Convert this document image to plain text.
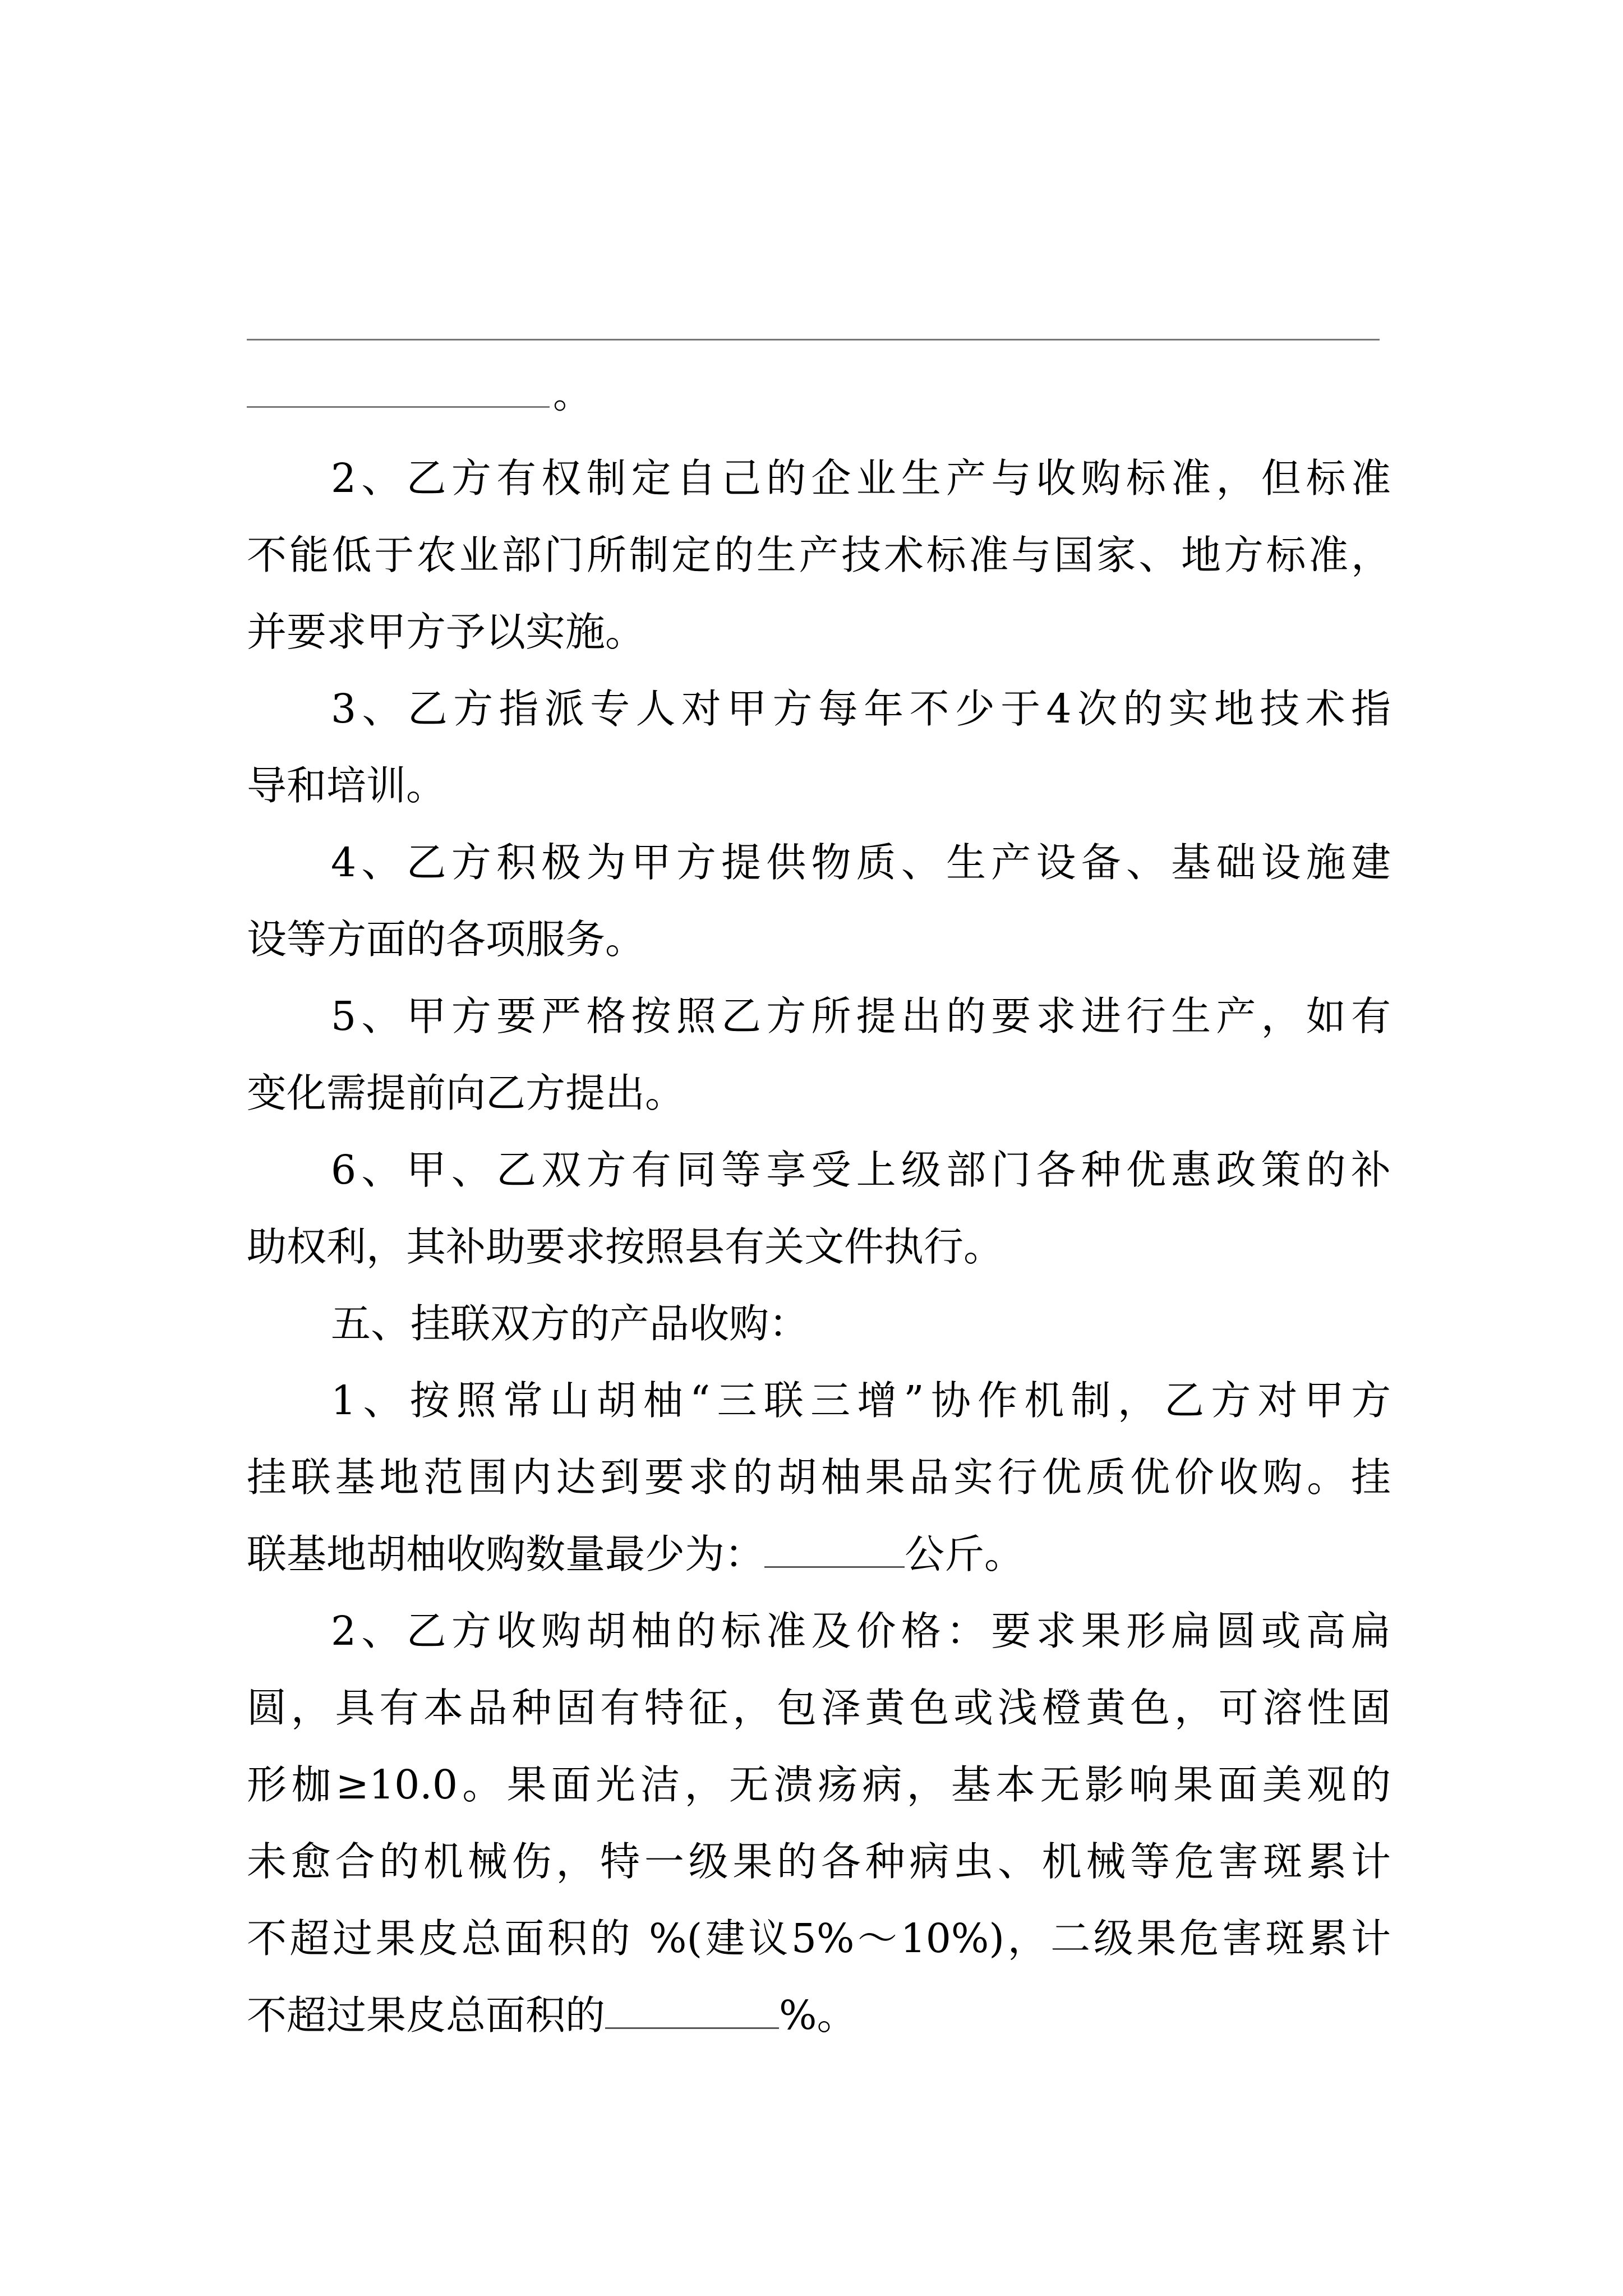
。
2、乙方有权制定自己的企业生产与收购标准，但标准
不能低于农业部门所制定的生产技术标准与国家、地方标准，
并要求甲方予以实施。
3、乙方指派专人对甲方每年不少于4次的实地技术指
导和培训。
4、乙方积极为甲方提供物质、生产设备、基础设施建
设等方面的各项服务。
5、甲方要严格按照乙方所提出的要求进行生产，如有
变化需提前向乙方提出。
6、甲、乙双方有同等享受上级部门各种优惠政策的补
助权利，其补助要求按照县有关文件执行。
五、挂联双方的产品收购：
1、按照常山胡柚“三联三增”协作机制，乙方对甲方
挂联基地范围内达到要求的胡柚果品实行优质优价收购。挂
联基地胡柚收购数量最少为：	公斤。
2、乙方收购胡柚的标准及价格：要求果形扁圆或高扁
圆，具有本品种固有特征，包泽黄色或浅橙黄色，可溶性固
形枷≥10.0。果面光洁，无溃疡病，基本无影响果面美观的
未愈合的机械伤，特一级果的各种病虫、机械等危害斑累计
不超过果皮总面积的 %(建议5%～10%)，二级果危害斑累计
不超过果皮总面积的	%。
